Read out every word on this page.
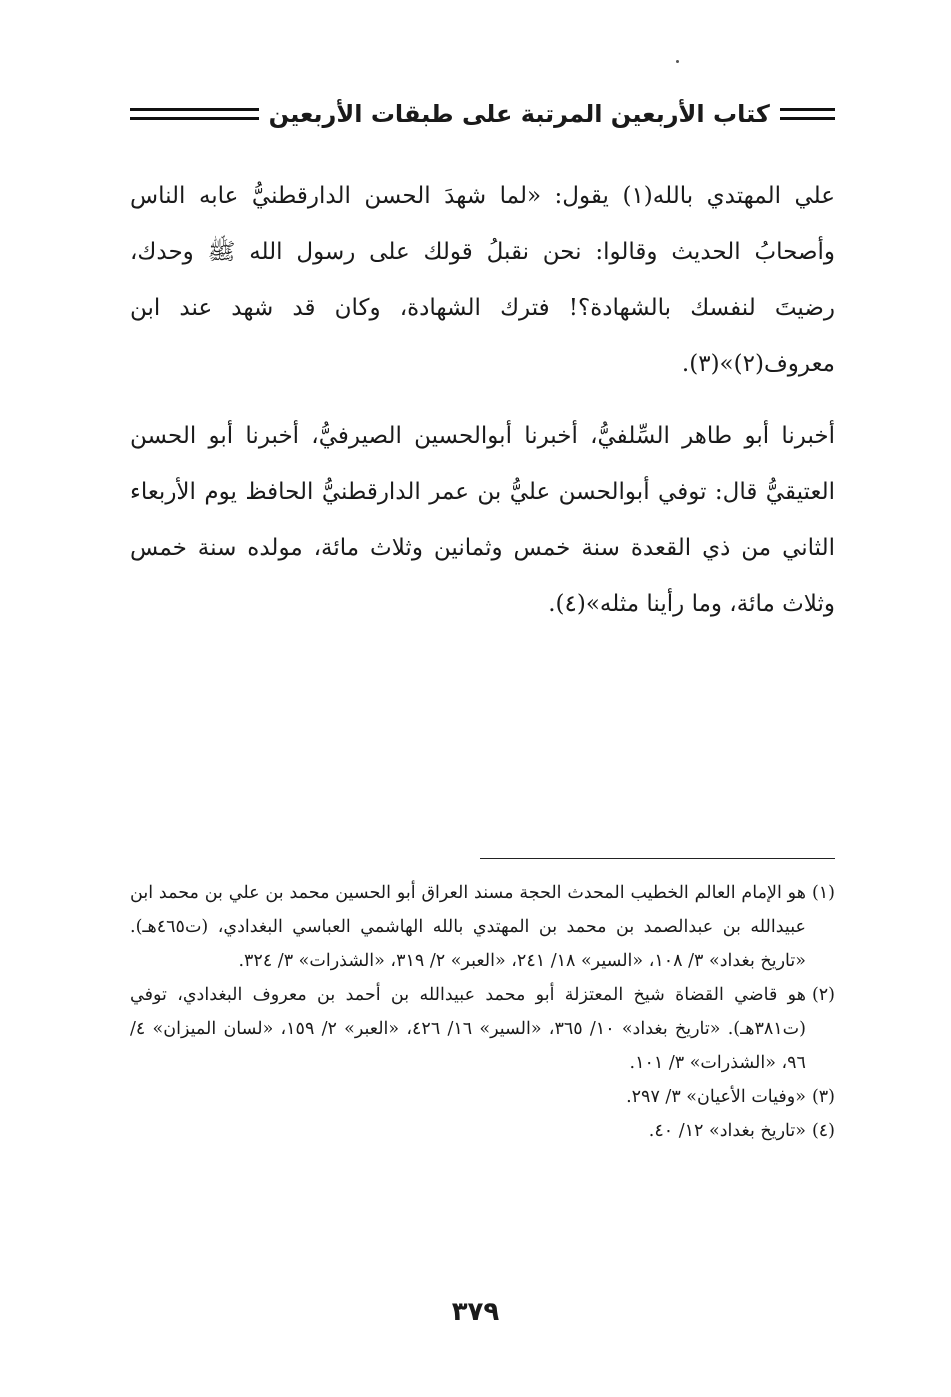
كتاب الأربعين المرتبة على طبقات الأربعين

علي المهتدي بالله(١) يقول: «لما شهدَ الحسن الدارقطنيُّ عابه الناس وأصحابُ الحديث وقالوا: نحن نقبلُ قولك على رسول الله ﷺ وحدك، رضيتَ لنفسك بالشهادة؟! فترك الشهادة، وكان قد شهد عند ابن معروف(٢)»(٣).

أخبرنا أبو طاهر السِّلفيُّ، أخبرنا أبوالحسين الصيرفيُّ، أخبرنا أبو الحسن العتيقيُّ قال: توفي أبوالحسن عليُّ بن عمر الدارقطنيُّ الحافظ يوم الأربعاء الثاني من ذي القعدة سنة خمس وثمانين وثلاث مائة، مولده سنة خمس وثلاث مائة، وما رأينا مثله»(٤).

(١)
هو الإمام العالم الخطيب المحدث الحجة مسند العراق أبو الحسين محمد بن علي بن محمد ابن عبيدالله بن عبدالصمد بن محمد بن المهتدي بالله الهاشمي العباسي البغدادي، (ت٤٦٥هـ). «تاريخ بغداد» ٣/ ١٠٨، «السير» ١٨/ ٢٤١، «العبر» ٢/ ٣١٩، «الشذرات» ٣/ ٣٢٤.
(٢)
هو قاضي القضاة شيخ المعتزلة أبو محمد عبيدالله بن أحمد بن معروف البغدادي، توفي (ت٣٨١هـ). «تاريخ بغداد» ١٠/ ٣٦٥، «السير» ١٦/ ٤٢٦، «العبر» ٢/ ١٥٩، «لسان الميزان» ٤/ ٩٦، «الشذرات» ٣/ ١٠١.
(٣)
«وفيات الأعيان» ٣/ ٢٩٧.
(٤)
«تاريخ بغداد» ١٢/ ٤٠.
٣٧٩
